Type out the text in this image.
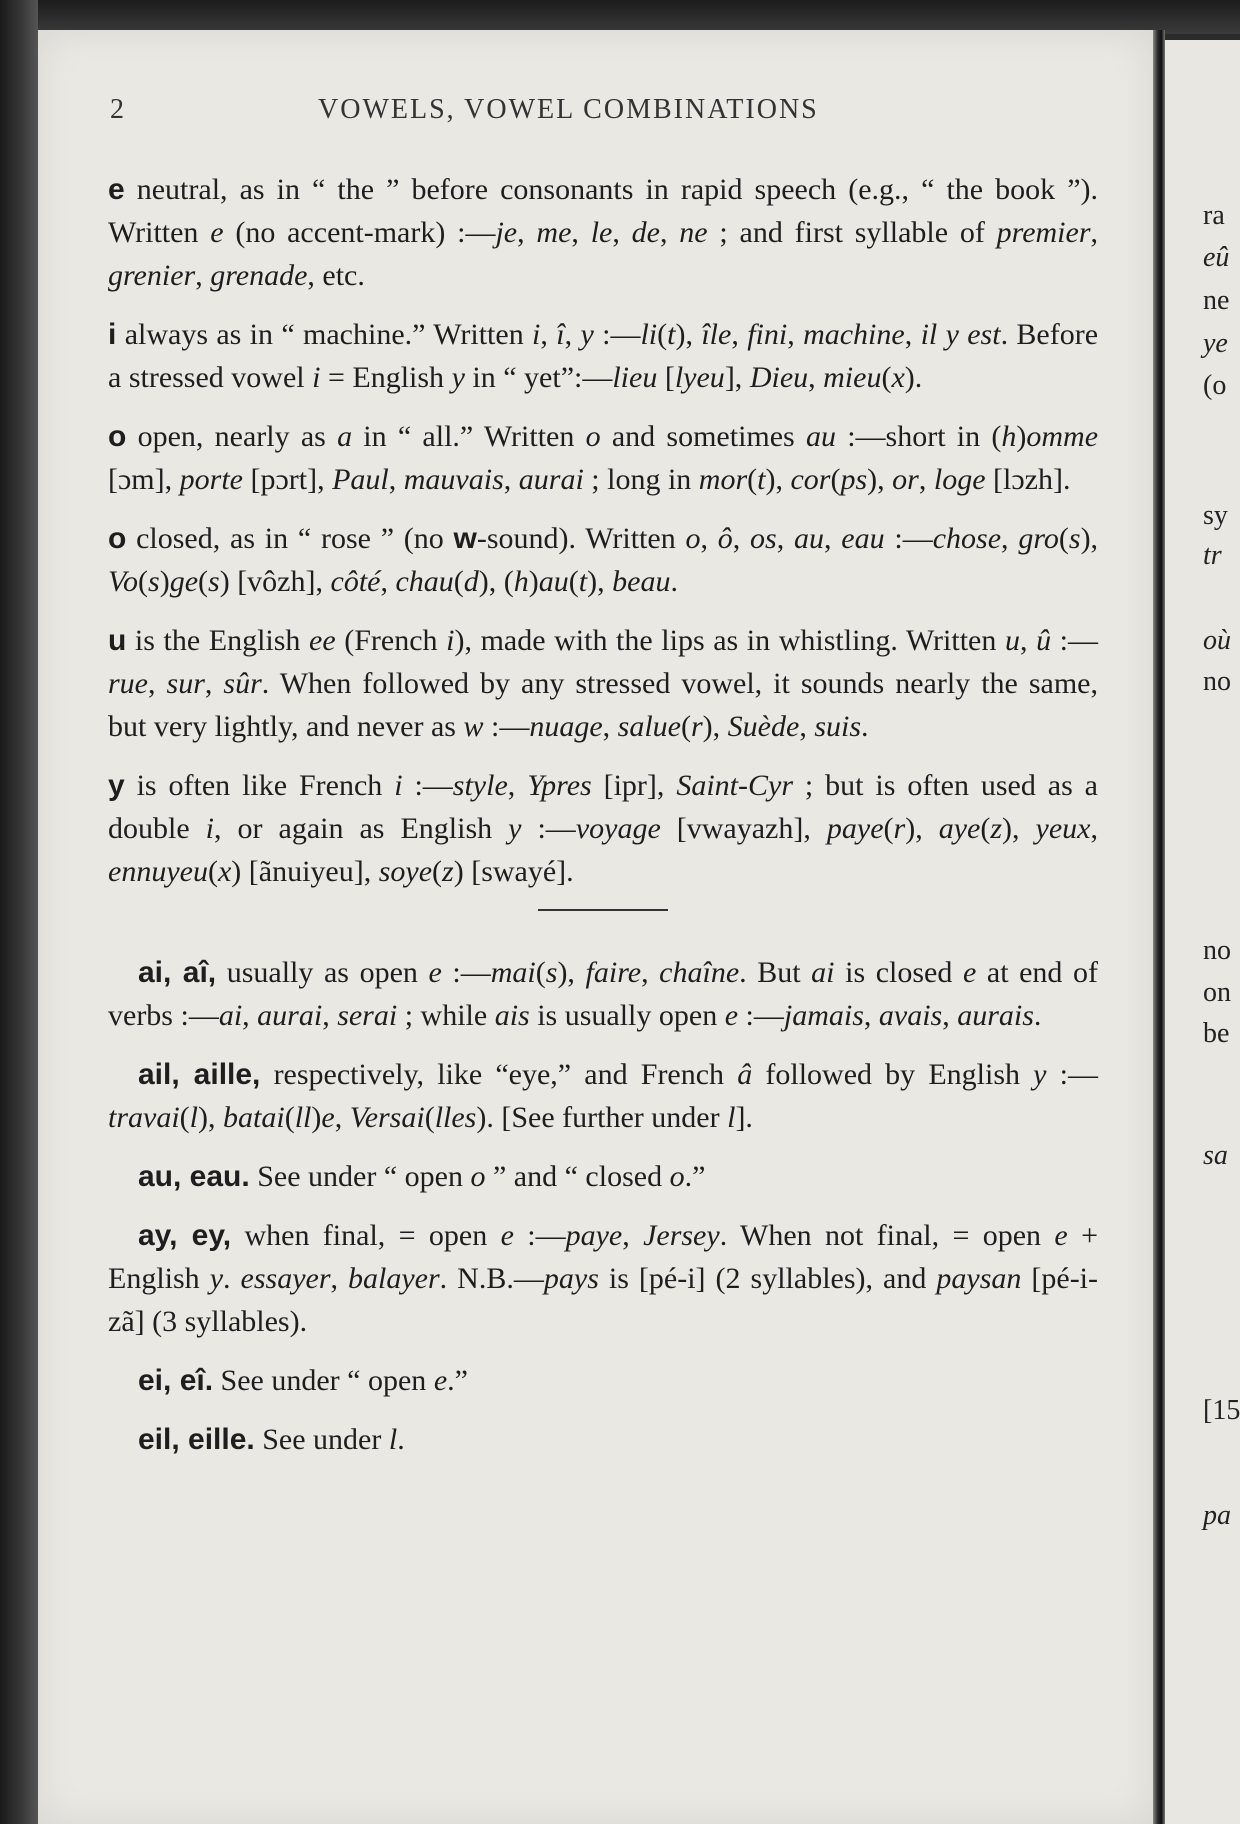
ra
eû
ne
ye
(o
sy
tr
où
no
no
on
be
sa
[15
pa
2	VOWELS, VOWEL COMBINATIONS

e neutral, as in “ the ” before consonants in rapid speech (e.g., “ the book ”). Written e (no accent-mark) :—je, me, le, de, ne ; and first syllable of premier, grenier, grenade, etc.

i always as in “ machine.” Written i, î, y :—li(t), île, fini, machine, il y est. Before a stressed vowel i = English y in “ yet”:—lieu [lyeu], Dieu, mieu(x).

o open, nearly as a in “ all.” Written o and sometimes au :—short in (h)omme [ɔm], porte [pɔrt], Paul, mauvais, aurai ; long in mor(t), cor(ps), or, loge [lɔzh].

o closed, as in “ rose ” (no w-sound). Written o, ô, os, au, eau :—chose, gro(s), Vo(s)ge(s) [vôzh], côté, chau(d), (h)au(t), beau.

u is the English ee (French i), made with the lips as in whistling. Written u, û :—rue, sur, sûr. When followed by any stressed vowel, it sounds nearly the same, but very lightly, and never as w :—nuage, salue(r), Suède, suis.

y is often like French i :—style, Ypres [ipr], Saint-Cyr ; but is often used as a double i, or again as English y :—voyage [vwayazh], paye(r), aye(z), yeux, ennuyeu(x) [ãnuiyeu], soye(z) [swayé].

ai, aî, usually as open e :—mai(s), faire, chaîne. But ai is closed e at end of verbs :—ai, aurai, serai ; while ais is usually open e :—jamais, avais, aurais.

ail, aille, respectively, like “eye,” and French â followed by English y :—travai(l), batai(ll)e, Versai(lles). [See further under l].

au, eau. See under “ open o ” and “ closed o.”

ay, ey, when final, = open e :—paye, Jersey. When not final, = open e + English y. essayer, balayer. N.B.—pays is [pé-i] (2 syllables), and paysan [pé-i-zã] (3 syllables).

ei, eî. See under “ open e.”

eil, eille. See under l.
